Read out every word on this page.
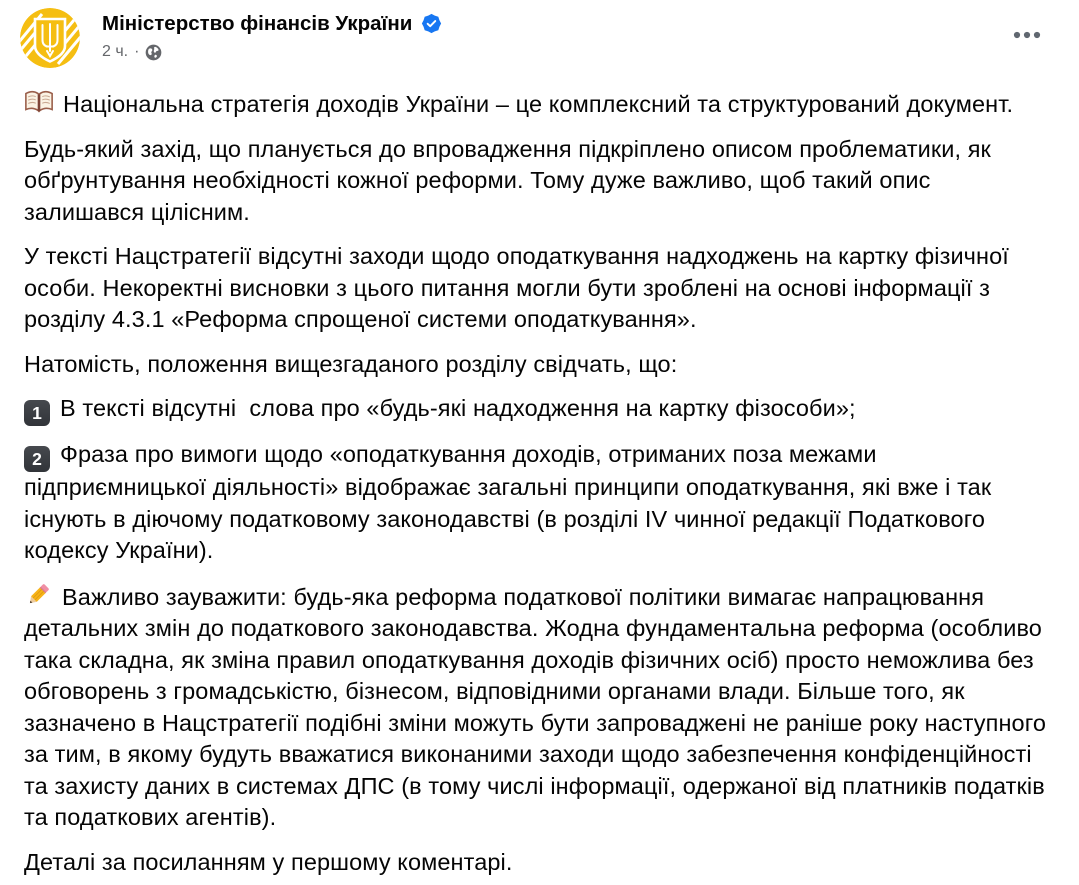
Міністерство фінансів України
2 ч. ·

Національна стратегія доходів України – це комплексний та структурований документ.

Будь-який захід, що планується до впровадження підкріплено описом проблематики, як обґрунтування необхідності кожної реформи. Тому дуже важливо, щоб такий опис залишався цілісним.

У тексті Нацстратегії відсутні заходи щодо оподаткування надходжень на картку фізичної особи. Некоректні висновки з цього питання могли бути зроблені на основі інформації з розділу 4.3.1 «Реформа спрощеної системи оподаткування».

Натомість, положення вищезгаданого розділу свідчать, що:

1 В тексті відсутні  слова про «будь-які надходження на картку фізособи»;

2 Фраза про вимоги щодо «оподаткування доходів, отриманих поза межами підприємницької діяльності» відображає загальні принципи оподаткування, які вже і так існують в діючому податковому законодавстві (в розділі IV чинної редакції Податкового кодексу України).

Важливо зауважити: будь-яка реформа податкової політики вимагає напрацювання детальних змін до податкового законодавства. Жодна фундаментальна реформа (особливо така складна, як зміна правил оподаткування доходів фізичних осіб) просто неможлива без обговорень з громадськістю, бізнесом, відповідними органами влади. Більше того, як зазначено в Нацстратегії подібні зміни можуть бути запроваджені не раніше року наступного за тим, в якому будуть вважатися виконаними заходи щодо забезпечення конфіденційності та захисту даних в системах ДПС (в тому числі інформації, одержаної від платників податків та податкових агентів).

Деталі за посиланням у першому коментарі.
